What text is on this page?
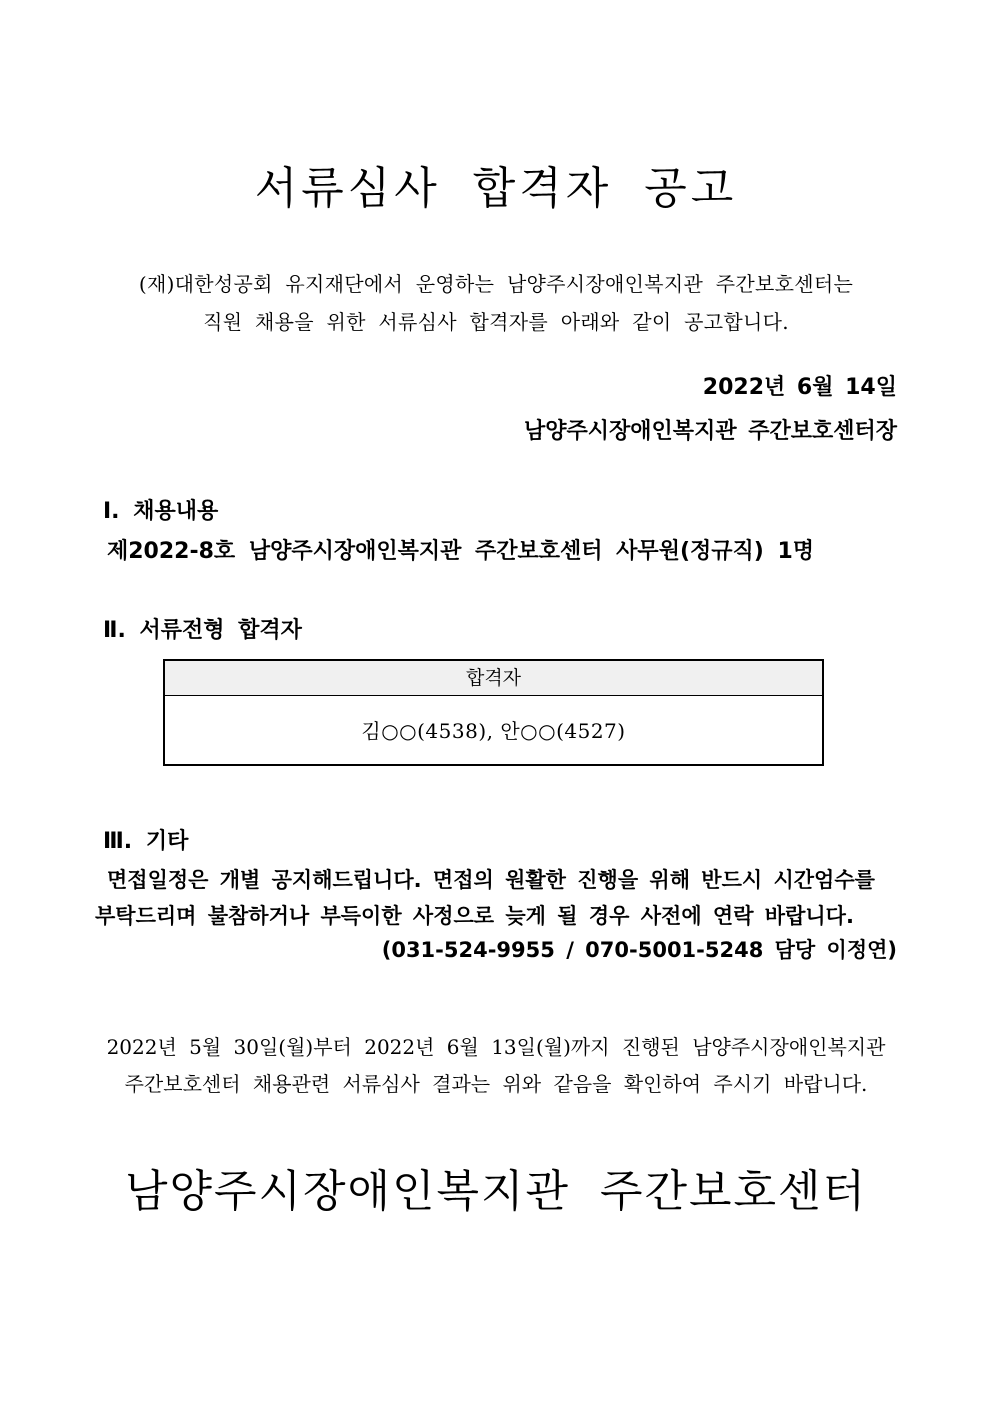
서류심사 합격자 공고
(재)대한성공회 유지재단에서 운영하는 남양주시장애인복지관 주간보호센터는
직원 채용을 위한 서류심사 합격자를 아래와 같이 공고합니다.
2022년 6월 14일
남양주시장애인복지관 주간보호센터장
Ⅰ. 채용내용
제2022-8호 남양주시장애인복지관 주간보호센터 사무원(정규직) 1명
Ⅱ. 서류전형 합격자
합격자
김○○(4538), 안○○(4527)
Ⅲ. 기타
면접일정은 개별 공지해드립니다. 면접의 원활한 진행을 위해 반드시 시간엄수를
부탁드리며 불참하거나 부득이한 사정으로 늦게 될 경우 사전에 연락 바랍니다.
(031-524-9955 / 070-5001-5248 담당 이정연)
2022년 5월 30일(월)부터 2022년 6월 13일(월)까지 진행된 남양주시장애인복지관
주간보호센터 채용관련 서류심사 결과는 위와 같음을 확인하여 주시기 바랍니다.
남양주시장애인복지관 주간보호센터
